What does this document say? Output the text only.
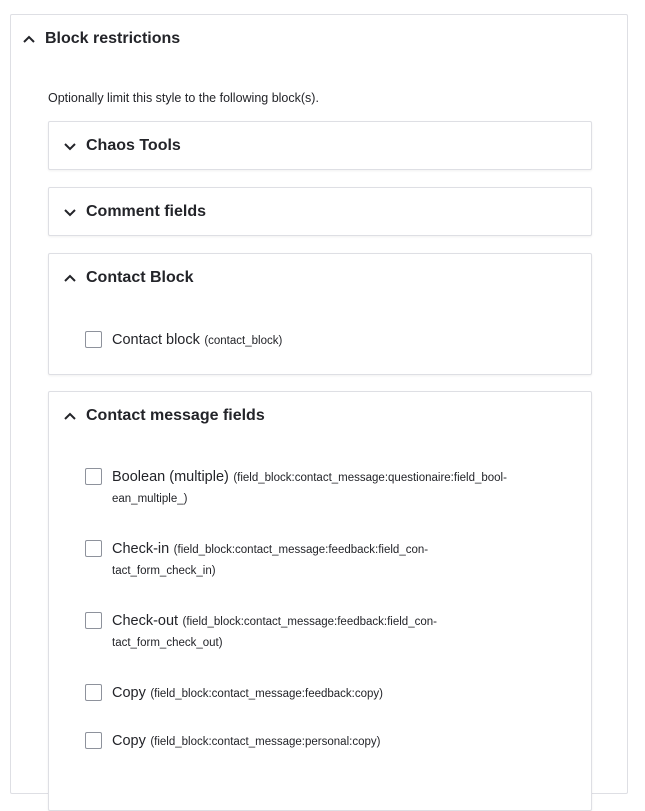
Block restrictions
Optionally limit this style to the following block(s).
Chaos Tools
Comment fields
Contact Block
Contact block (contact_block)
Contact message fields
Boolean (multiple) (field_block:contact_message:questionaire:field_bool-
ean_multiple_)
Check-in (field_block:contact_message:feedback:field_con-
tact_form_check_in)
Check-out (field_block:contact_message:feedback:field_con-
tact_form_check_out)
Copy (field_block:contact_message:feedback:copy)
Copy (field_block:contact_message:personal:copy)
